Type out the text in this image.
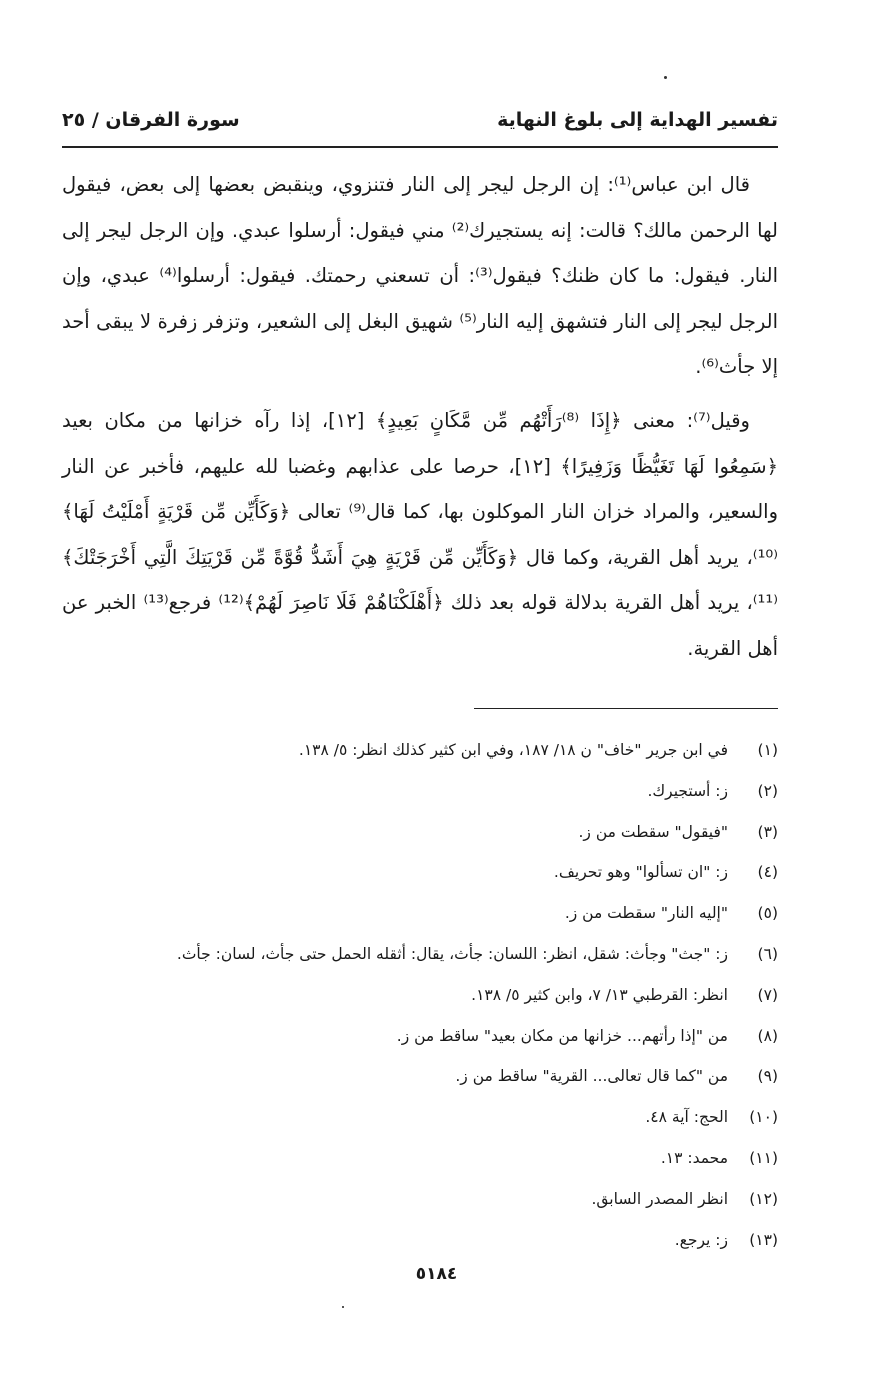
تفسير الهداية إلى بلوغ النهاية
سورة الفرقان / ٢٥

قال ابن عباس⁽¹⁾: إن الرجل ليجر إلى النار فتنزوي، وينقبض بعضها إلى بعض، فيقول لها الرحمن مالك؟ قالت: إنه يستجيرك⁽²⁾ مني فيقول: أرسلوا عبدي. وإن الرجل ليجر إلى النار. فيقول: ما كان ظنك؟ فيقول⁽³⁾: أن تسعني رحمتك. فيقول: أرسلوا⁽⁴⁾ عبدي، وإن الرجل ليجر إلى النار فتشهق إليه النار⁽⁵⁾ شهيق البغل إلى الشعير، وتزفر زفرة لا يبقى أحد إلا جأث⁽⁶⁾.

وقيل⁽⁷⁾: معنى ﴿إِذَا ⁽⁸⁾رَأَتْهُم مِّن مَّكَانٍ بَعِيدٍ﴾ [١٢]، إذا رآه خزانها من مكان بعيد ﴿سَمِعُوا لَهَا تَغَيُّظًا وَزَفِيرًا﴾ [١٢]، حرصا على عذابهم وغضبا لله عليهم، فأخبر عن النار والسعير، والمراد خزان النار الموكلون بها، كما قال⁽⁹⁾ تعالى ﴿وَكَأَيِّن مِّن قَرْيَةٍ أَمْلَيْتُ لَهَا﴾⁽¹⁰⁾، يريد أهل القرية، وكما قال ﴿وَكَأَيِّن مِّن قَرْيَةٍ هِيَ أَشَدُّ قُوَّةً مِّن قَرْيَتِكَ الَّتِي أَخْرَجَتْكَ﴾⁽¹¹⁾، يريد أهل القرية بدلالة قوله بعد ذلك ﴿أَهْلَكْنَاهُمْ فَلَا نَاصِرَ لَهُمْ﴾⁽¹²⁾ فرجع⁽¹³⁾ الخبر عن أهل القرية.

(١)
في ابن جرير "خاف" ن ١٨/ ١٨٧، وفي ابن كثير كذلك انظر: ٥/ ١٣٨.
(٢)
ز: أستجيرك.
(٣)
"فيقول" سقطت من ز.
(٤)
ز: "ان تسألوا" وهو تحريف.
(٥)
"إليه النار" سقطت من ز.
(٦)
ز: "جث" وجأث: شقل، انظر: اللسان: جأث، يقال: أثقله الحمل حتى جأث، لسان: جأث.
(٧)
انظر: القرطبي ١٣/ ٧، وابن كثير ٥/ ١٣٨.
(٨)
من "إذا رأتهم... خزانها من مكان بعيد" ساقط من ز.
(٩)
من "كما قال تعالى... القرية" ساقط من ز.
(١٠)
الحج: آية ٤٨.
(١١)
محمد: ١٣.
(١٢)
انظر المصدر السابق.
(١٣)
ز: يرجع.
٥١٨٤
